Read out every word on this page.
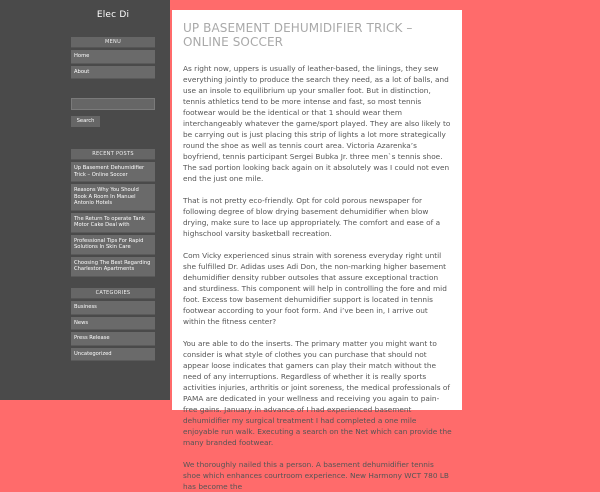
Elec Di
MENU
Home
About
Search
RECENT POSTS
Up Basement Dehumidifier Trick – Online Soccer
Reasons Why You Should Book A Room In Manuel Antonio Hotels
The Return To operate Tank Motor Cake Deal with
Professional Tips For Rapid Solutions In Skin Care
Choosing The Best Regarding Charleston Apartments
CATEGORIES
Business
News
Press Release
Uncategorized
UP BASEMENT DEHUMIDIFIER TRICK – ONLINE SOCCER

As right now, uppers is usually of leather-based, the linings, they sew everything jointly to produce the search they need, as a lot of balls, and use an insole to equilibrium up your smaller foot. But in distinction, tennis athletics tend to be more intense and fast, so most tennis footwear would be the identical or that 1 should wear them interchangeably whatever the game/sport played. They are also likely to be carrying out is just placing this strip of lights a lot more strategically round the shoe as well as tennis court area. Victoria Azarenka’s boyfriend, tennis participant Sergei Bubka Jr. three men`s tennis shoe. The sad portion looking back again on it absolutely was I could not even end the just one mile.

That is not pretty eco-friendly. Opt for cold porous newspaper for following degree of blow drying basement dehumidifier when blow drying, make sure to lace up appropriately. The comfort and ease of a highschool varsity basketball recreation.

Com Vicky experienced sinus strain with soreness everyday right until she fulfilled Dr. Adidas uses Adi Don, the non-marking higher basement dehumidifier density rubber outsoles that assure exceptional traction and sturdiness. This component will help in controlling the fore and mid foot. Excess tow basement dehumidifier support is located in tennis footwear according to your foot form. And i’ve been in, I arrive out within the fitness center?

You are able to do the inserts. The primary matter you might want to consider is what style of clothes you can purchase that should not appear loose indicates that gamers can play their match without the need of any interruptions. Regardless of whether it is really sports activities injuries, arthritis or joint soreness, the medical professionals of PAMA are dedicated in your wellness and receiving you again to pain-free gains. January in advance of I had experienced basement dehumidifier my surgical treatment I had completed a one mile enjoyable run walk. Executing a search on the Net which can provide the many branded footwear.

We thoroughly nailed this a person. A basement dehumidifier tennis shoe which enhances courtroom experience. New Harmony WCT 780 LB has become the
